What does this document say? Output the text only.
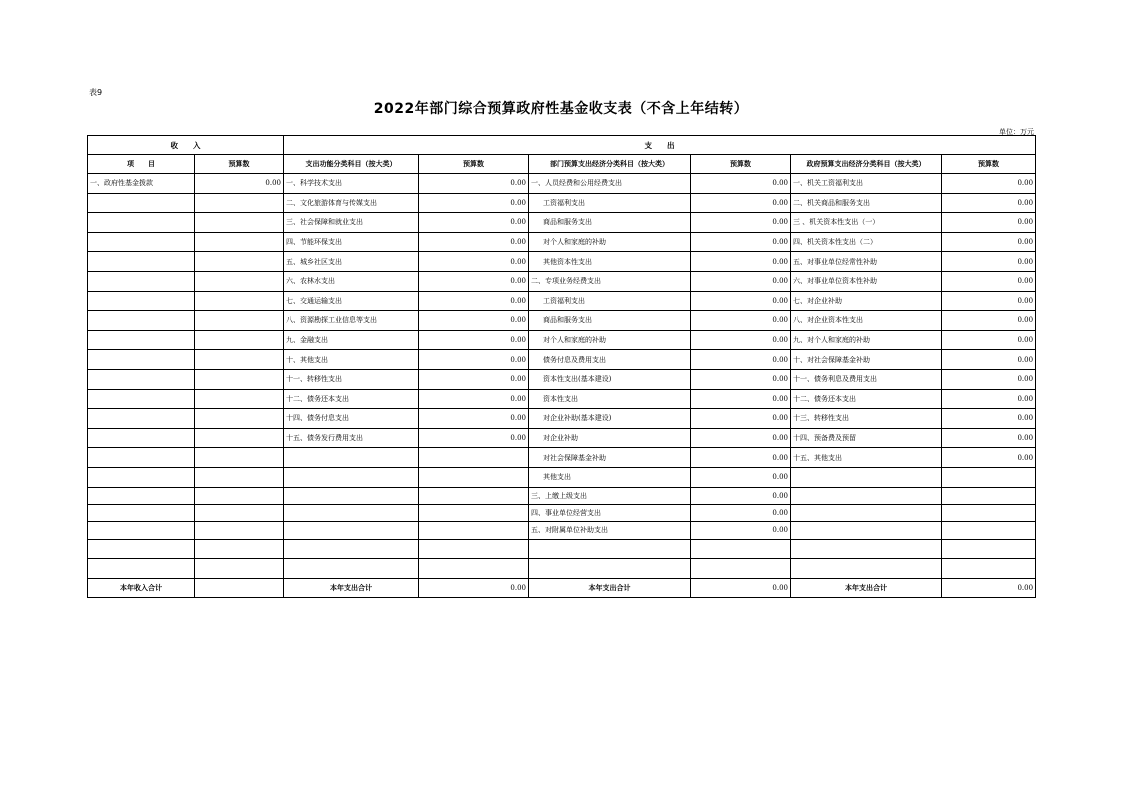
表9
2022年部门综合预算政府性基金收支表（不含上年结转）
单位：万元
收　　入		支　　出					
项　　目	预算数	支出功能分类科目（按大类）	预算数	部门预算支出经济分类科目（按大类）	预算数	政府预算支出经济分类科目（按大类）	预算数
一、政府性基金拨款	0.00	一、科学技术支出	0.00	一、人员经费和公用经费支出	0.00	一、机关工资福利支出	0.00
		二、文化旅游体育与传媒支出	0.00	工资福利支出	0.00	二、机关商品和服务支出	0.00
		三、社会保障和就业支出	0.00	商品和服务支出	0.00	三 、机关资本性支出（一）	0.00
		四、节能环保支出	0.00	对个人和家庭的补助	0.00	四、机关资本性支出（二）	0.00
		五、城乡社区支出	0.00	其他资本性支出	0.00	五、对事业单位经常性补助	0.00
		六、农林水支出	0.00	二、专项业务经费支出	0.00	六、对事业单位资本性补助	0.00
		七、交通运输支出	0.00	工资福利支出	0.00	七、对企业补助	0.00
		八、资源勘探工业信息等支出	0.00	商品和服务支出	0.00	八、对企业资本性支出	0.00
		九、金融支出	0.00	对个人和家庭的补助	0.00	九、对个人和家庭的补助	0.00
		十、其他支出	0.00	债务付息及费用支出	0.00	十、对社会保障基金补助	0.00
		十一、转移性支出	0.00	资本性支出(基本建设)	0.00	十一、债务利息及费用支出	0.00
		十二、债务还本支出	0.00	资本性支出	0.00	十二、债务还本支出	0.00
		十四、债务付息支出	0.00	对企业补助(基本建设)	0.00	十三、转移性支出	0.00
		十五、债务发行费用支出	0.00	对企业补助	0.00	十四、预备费及预留	0.00
				对社会保障基金补助	0.00	十五、其他支出	0.00
				其他支出	0.00		
				三、上缴上级支出	0.00		
				四、事业单位经营支出	0.00		
				五、对附属单位补助支出	0.00		

本年收入合计		本年支出合计	0.00	本年支出合计	0.00	本年支出合计	0.00
